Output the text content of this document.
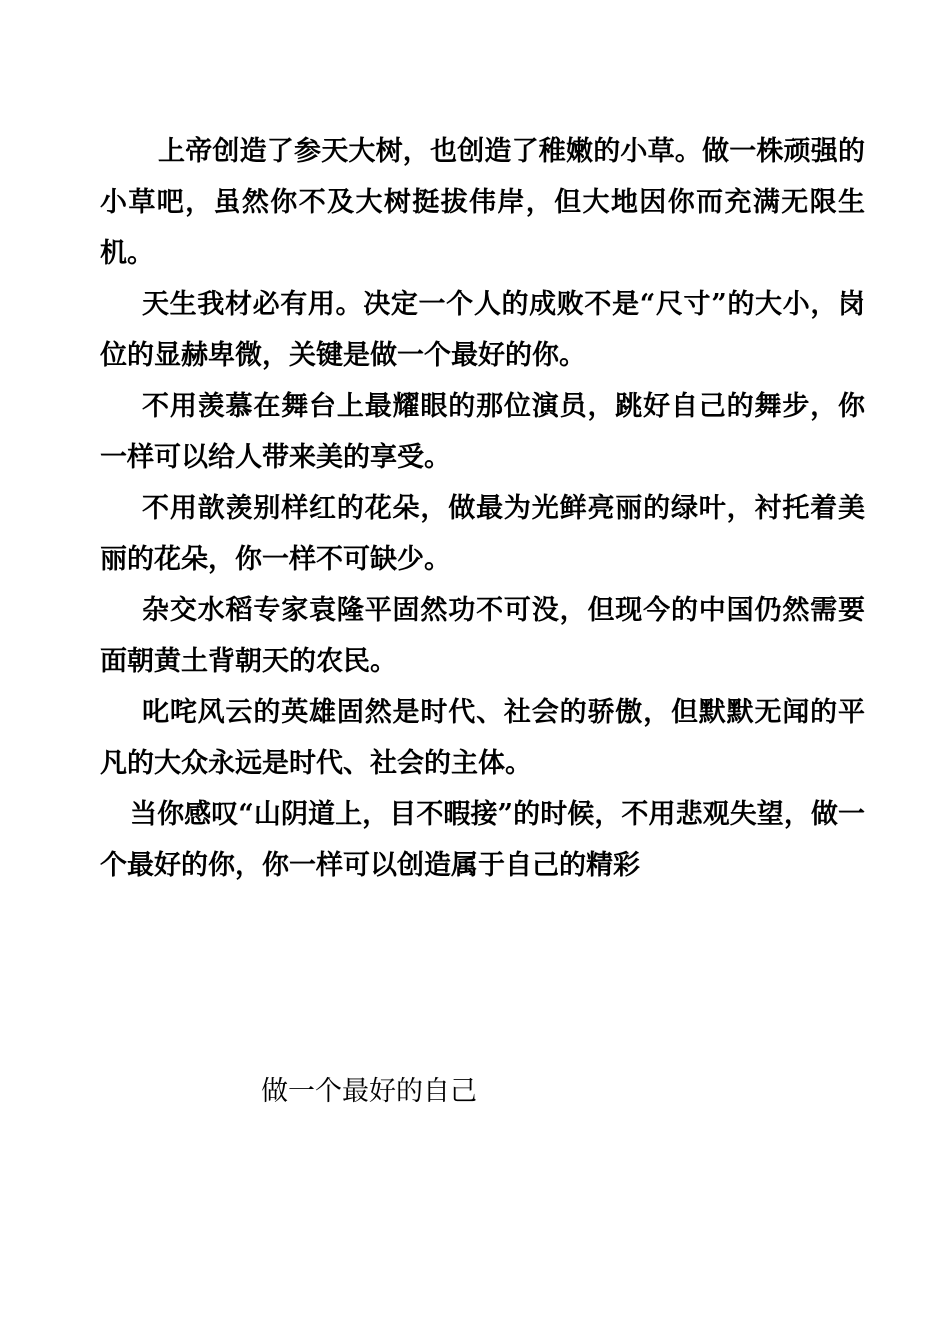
上帝创造了参天大树，也创造了稚嫩的小草。做一株顽强的小草吧，虽然你不及大树挺拔伟岸，但大地因你而充满无限生机。

天生我材必有用。决定一个人的成败不是“尺寸”的大小，岗位的显赫卑微，关键是做一个最好的你。

不用羡慕在舞台上最耀眼的那位演员，跳好自己的舞步，你一样可以给人带来美的享受。

不用歆羡别样红的花朵，做最为光鲜亮丽的绿叶，衬托着美丽的花朵，你一样不可缺少。

杂交水稻专家袁隆平固然功不可没，但现今的中国仍然需要面朝黄土背朝天的农民。

叱咤风云的英雄固然是时代、社会的骄傲，但默默无闻的平凡的大众永远是时代、社会的主体。

当你感叹“山阴道上，目不暇接”的时候，不用悲观失望，做一个最好的你，你一样可以创造属于自己的精彩

做一个最好的自己
